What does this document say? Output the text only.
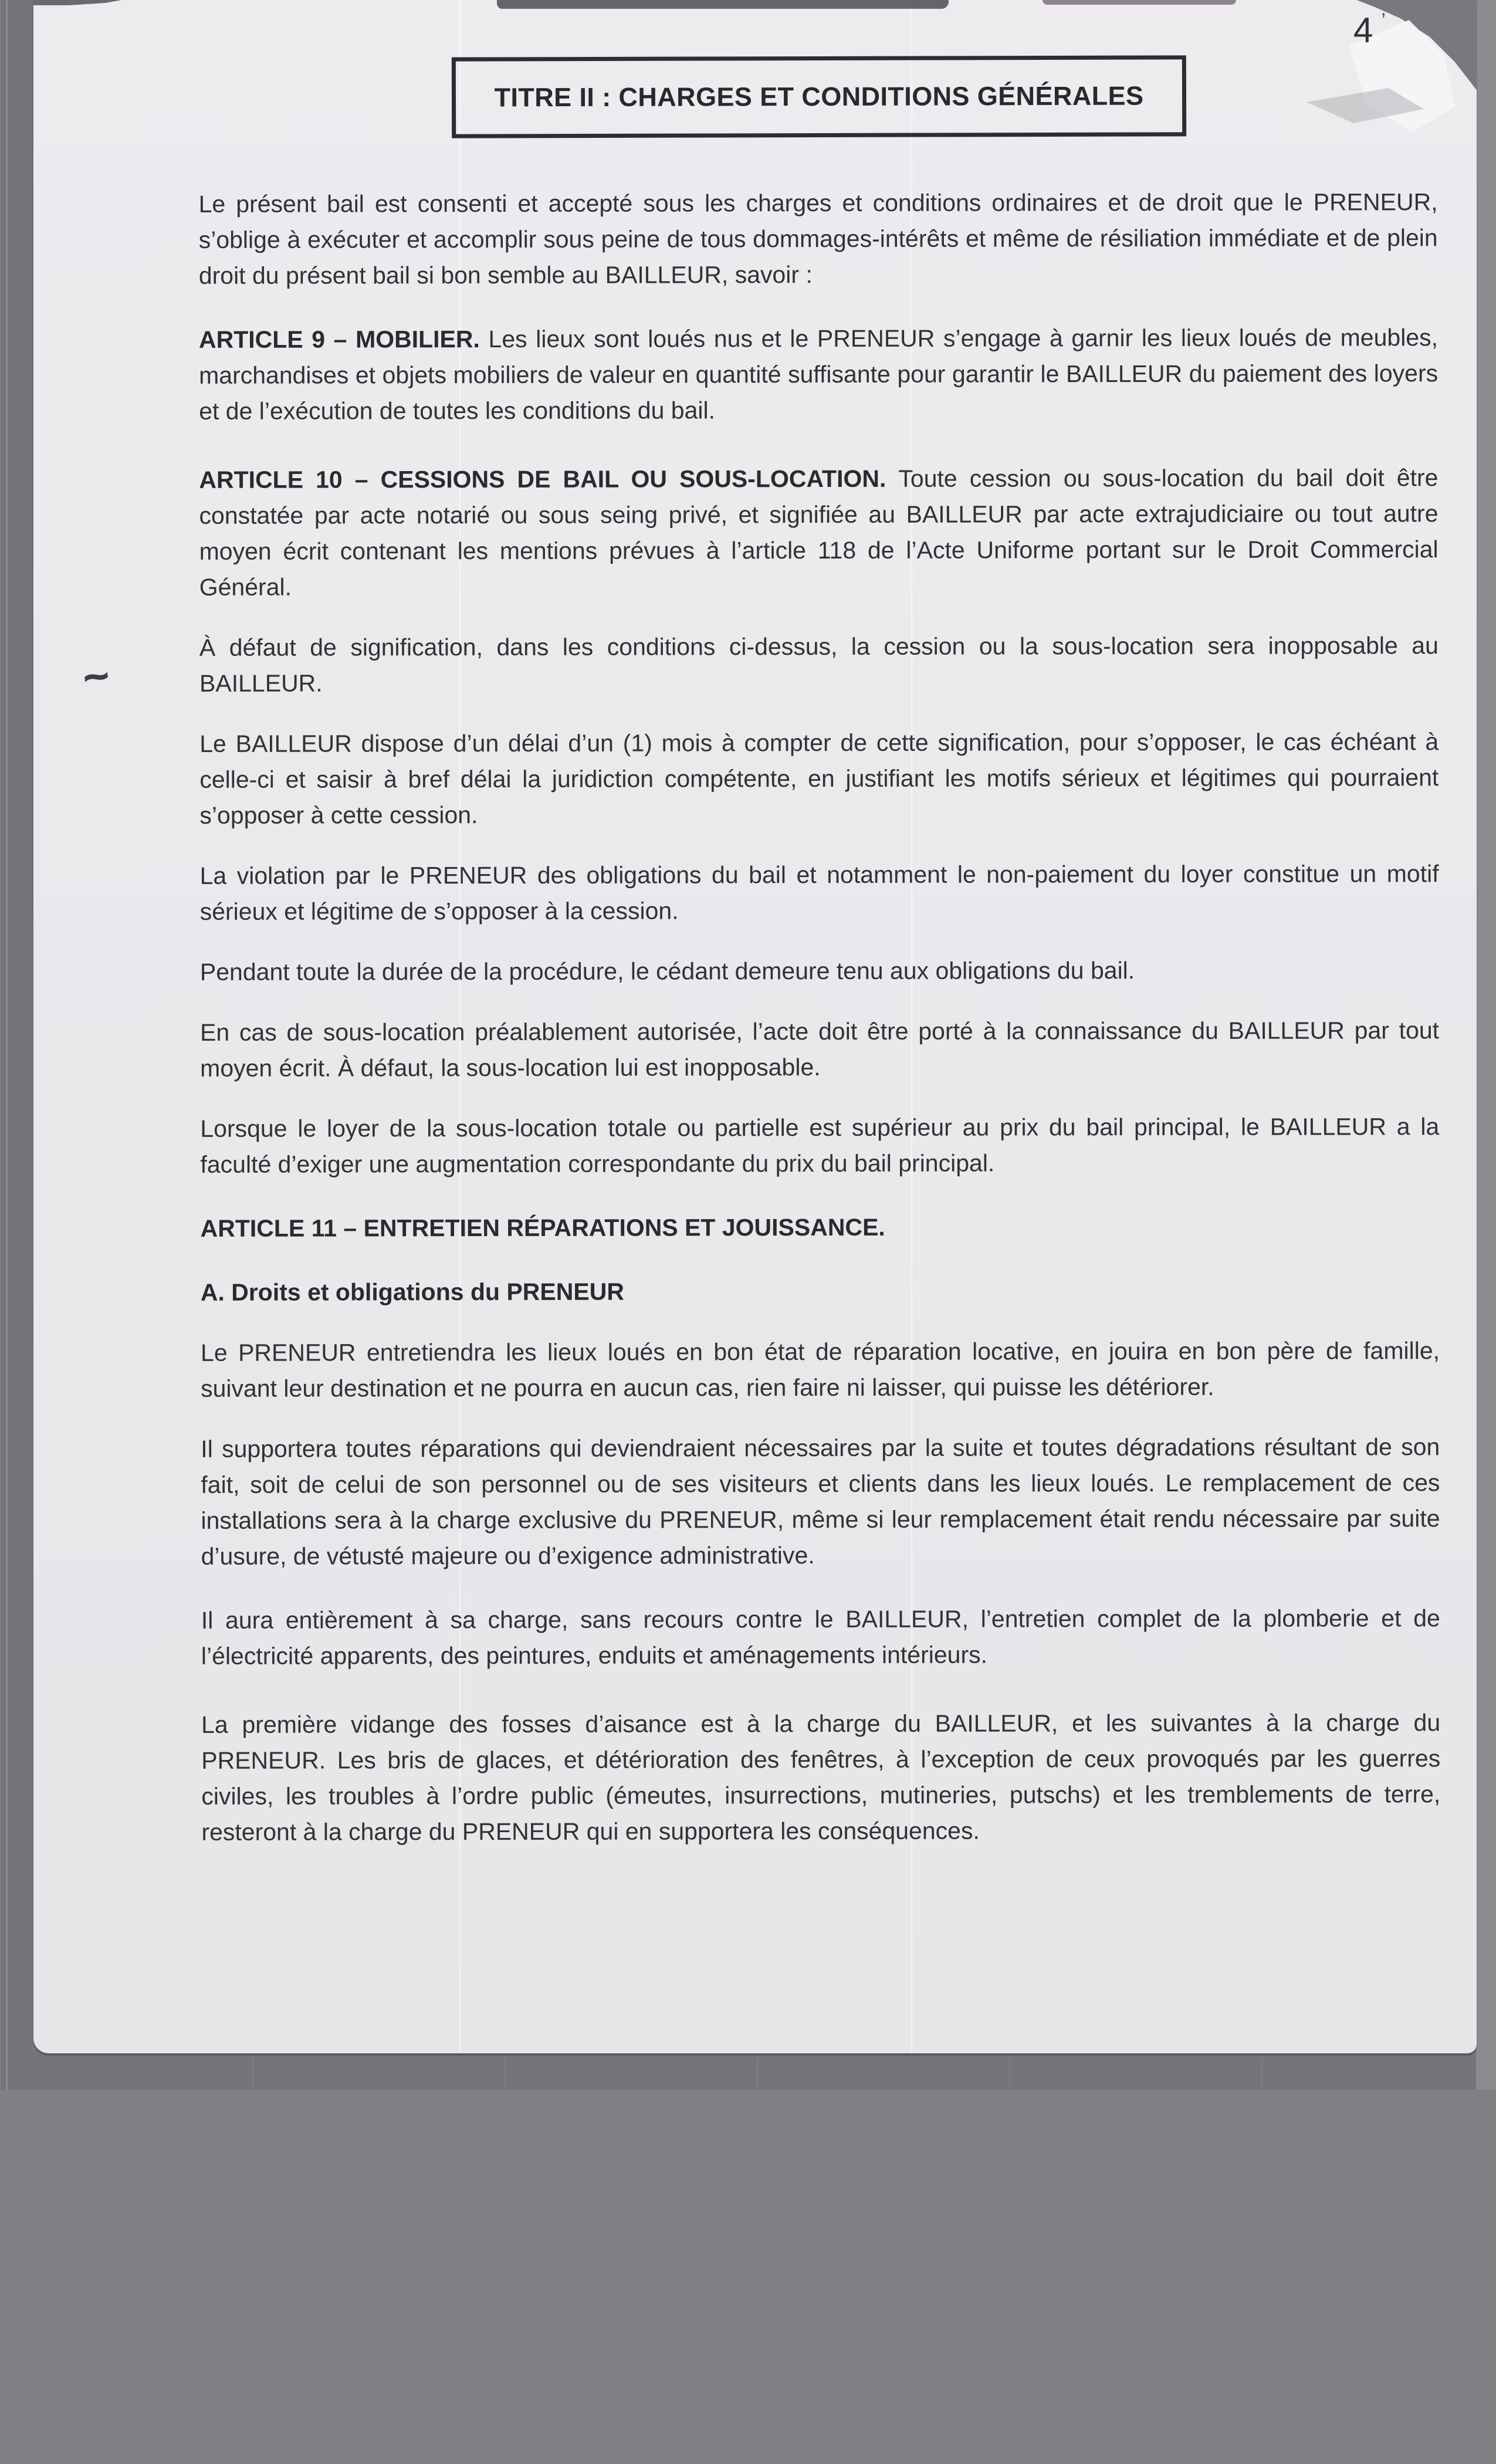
4 ’
~
TITRE II : CHARGES ET CONDITIONS GÉNÉRALES

Le présent bail est consenti et accepté sous les charges et conditions ordinaires et de droit que le PRENEUR, s’oblige à exécuter et accomplir sous peine de tous dommages-intérêts et même de résiliation immédiate et de plein droit du présent bail si bon semble au BAILLEUR, savoir :

ARTICLE 9 – MOBILIER. Les lieux sont loués nus et le PRENEUR s’engage à garnir les lieux loués de meubles, marchandises et objets mobiliers de valeur en quantité suffisante pour garantir le BAILLEUR du paiement des loyers et de l’exécution de toutes les conditions du bail.

ARTICLE 10 – CESSIONS DE BAIL OU SOUS-LOCATION. Toute cession ou sous-location du bail doit être constatée par acte notarié ou sous seing privé, et signifiée au BAILLEUR par acte extrajudiciaire ou tout autre moyen écrit contenant les mentions prévues à l’article 118 de l’Acte Uniforme portant sur le Droit Commercial Général.

À défaut de signification, dans les conditions ci-dessus, la cession ou la sous-location sera inopposable au BAILLEUR.

Le BAILLEUR dispose d’un délai d’un (1) mois à compter de cette signification, pour s’opposer, le cas échéant à celle-ci et saisir à bref délai la juridiction compétente, en justifiant les motifs sérieux et légitimes qui pourraient s’opposer à cette cession.

La violation par le PRENEUR des obligations du bail et notamment le non-paiement du loyer constitue un motif sérieux et légitime de s’opposer à la cession.

Pendant toute la durée de la procédure, le cédant demeure tenu aux obligations du bail.

En cas de sous-location préalablement autorisée, l’acte doit être porté à la connaissance du BAILLEUR par tout moyen écrit. À défaut, la sous-location lui est inopposable.

Lorsque le loyer de la sous-location totale ou partielle est supérieur au prix du bail principal, le BAILLEUR a la faculté d’exiger une augmentation correspondante du prix du bail principal.

ARTICLE 11 – ENTRETIEN RÉPARATIONS ET JOUISSANCE.

A. Droits et obligations du PRENEUR

Le PRENEUR entretiendra les lieux loués en bon état de réparation locative, en jouira en bon père de famille, suivant leur destination et ne pourra en aucun cas, rien faire ni laisser, qui puisse les détériorer.

Il supportera toutes réparations qui deviendraient nécessaires par la suite et toutes dégradations résultant de son fait, soit de celui de son personnel ou de ses visiteurs et clients dans les lieux loués. Le remplacement de ces installations sera à la charge exclusive du PRENEUR, même si leur remplacement était rendu nécessaire par suite d’usure, de vétusté majeure ou d’exigence administrative.

Il aura entièrement à sa charge, sans recours contre le BAILLEUR, l’entretien complet de la plomberie et de l’électricité apparents, des peintures, enduits et aménagements intérieurs.

La première vidange des fosses d’aisance est à la charge du BAILLEUR, et les suivantes à la charge du PRENEUR. Les bris de glaces, et détérioration des fenêtres, à l’exception de ceux provoqués par les guerres civiles, les troubles à l’ordre public (émeutes, insurrections, mutineries, putschs) et les tremblements de terre, resteront à la charge du PRENEUR qui en supportera les conséquences.
